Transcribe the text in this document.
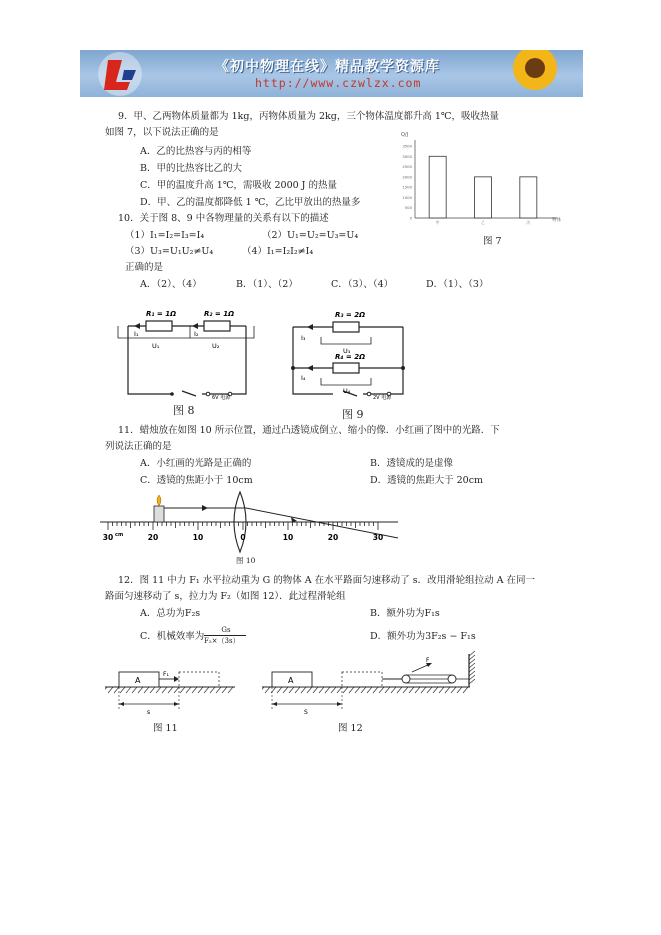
《初中物理在线》精品教学资源库
http://www.czwlzx.com
9．甲、乙两物体质量都为 1kg，丙物体质量为 2kg，三个物体温度都升高 1℃，吸收热量
如图 7，以下说法正确的是
A．乙的比热容与丙的相等
B．甲的比热容比乙的大
C．甲的温度升高 1℃，需吸收 2000 J 的热量
D．甲、乙的温度都降低 1 ℃，乙比甲放出的热量多
Q/J
物体
3500
3000
2500
2000
1500
1000
500
0
甲	乙	丙
10．关于图 8、9 中各物理量的关系有以下的描述
（1）I₁=I₂=I₃=I₄	（2）U₁=U₂=U₃=U₄
（3）U₃=U₁U₂≠U₄	（4）I₁=I₂I₂≠I₄
正确的是
A．（2）、（4）	B．（1）、（2）	C．（3）、（4）	D．（1）、（3）
R₁ = 1Ω	R₂ = 1Ω
I₁	I₂
U₁	U₂
6V 电源
图 8
R₃ = 2Ω
R₄ = 2Ω
I₃
I₄
U₃
U₄
2V 电源
图 9
11．蜡烛放在如图 10 所示位置，通过凸透镜成倒立、缩小的像．小红画了图中的光路．下
列说法正确的是
A．小红画的光路是正确的	B．透镜成的是虚像
C．透镜的焦距小于 10cm	D．透镜的焦距大于 20cm
30	20	10	0	10	20	30
cm
图 10
12．图 11 中力 F₁ 水平拉动重为 G 的物体 A 在水平路面匀速移动了 s．改用滑轮组拉动 A 在同一
路面匀速移动了 s，拉力为 F₂（如图 12）．此过程滑轮组
A．总功为F₂s	B．额外功为F₁s
C．机械效率为
Gs
F₂×（3s）	D．额外功为3F₂s − F₁s
A
F₁
s
图 11
A
F
S
图 12
图 7
